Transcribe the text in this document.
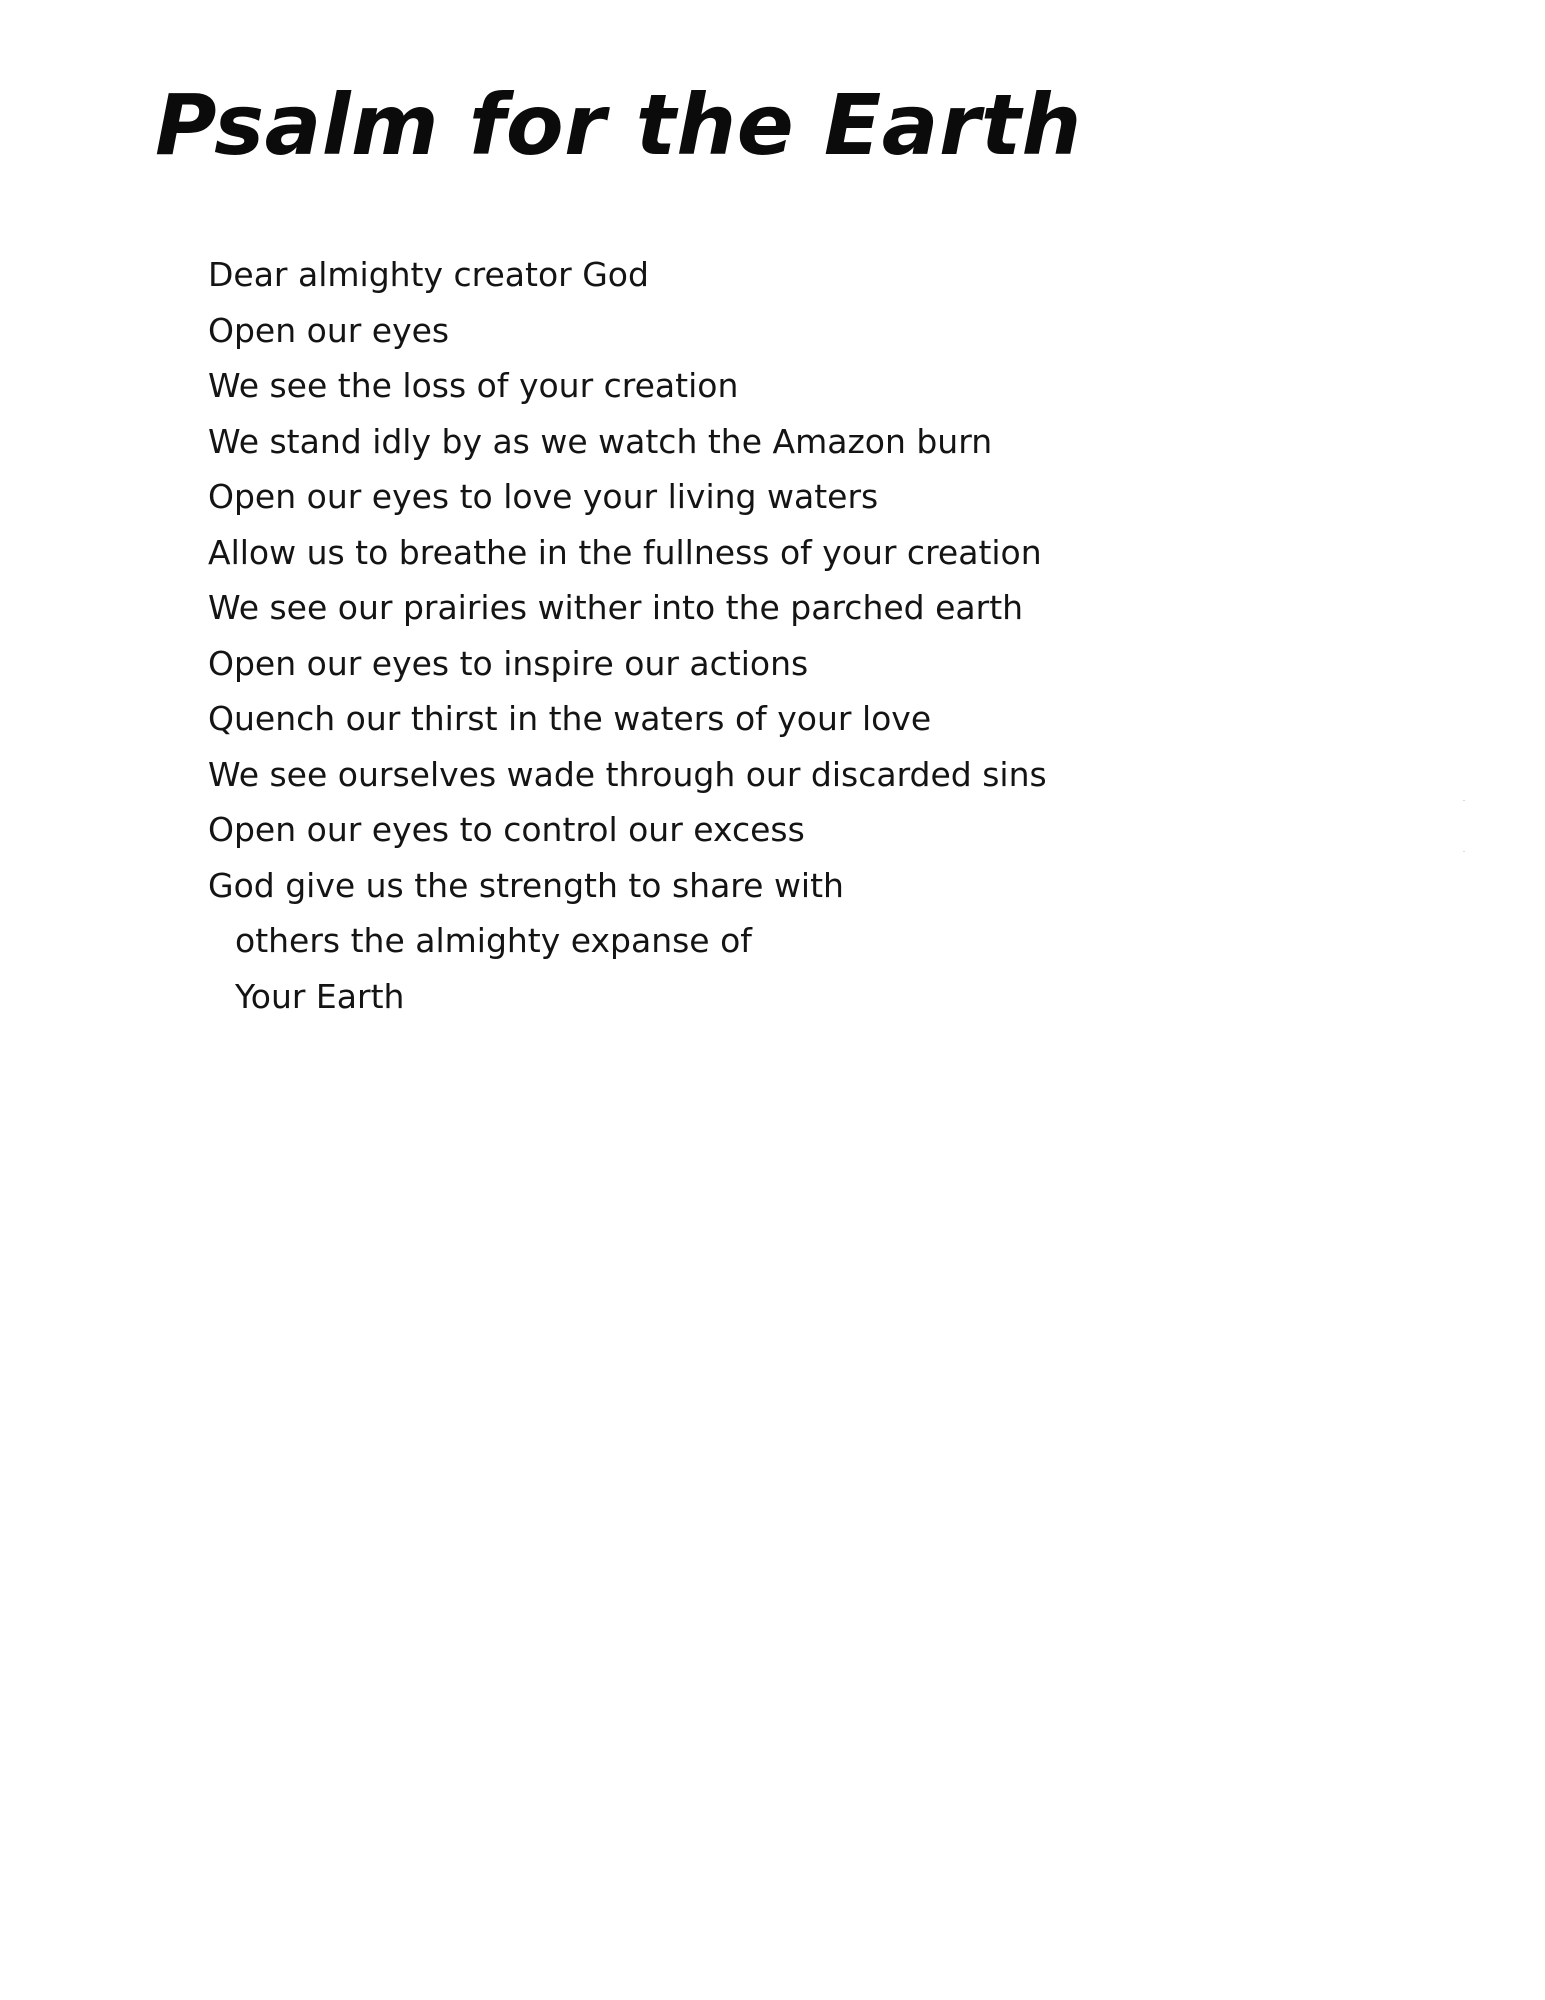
Psalm for the Earth
Dear almighty creator God
Open our eyes
We see the loss of your creation
We stand idly by as we watch the Amazon burn
Open our eyes to love your living waters
Allow us to breathe in the fullness of your creation
We see our prairies wither into the parched earth
Open our eyes to inspire our actions
Quench our thirst in the waters of your love
We see ourselves wade through our discarded sins
Open our eyes to control our excess
God give us the strength to share with
others the almighty expanse of
Your Earth
